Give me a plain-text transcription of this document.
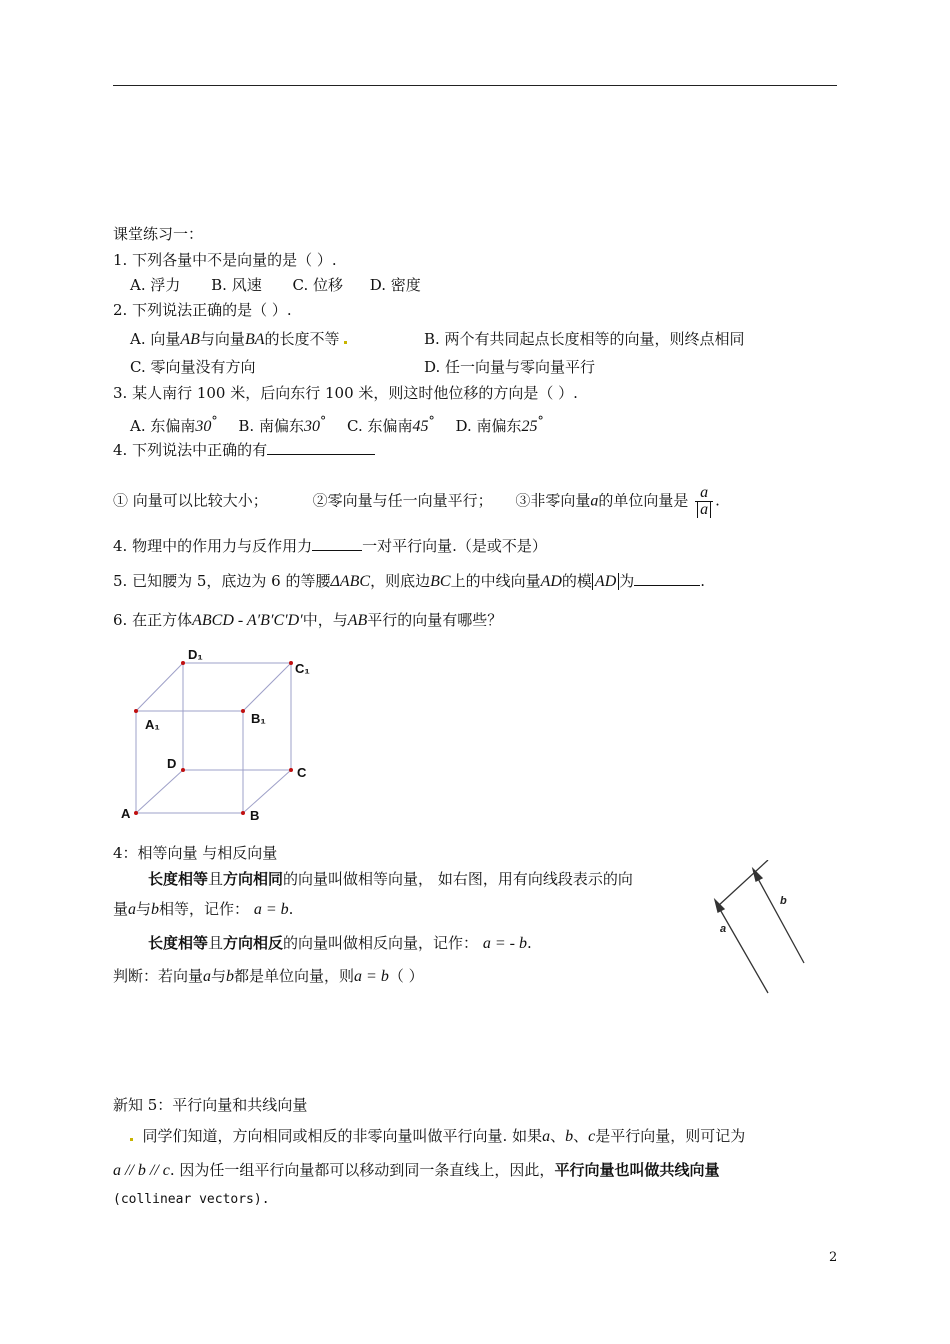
课堂练习一：
1. 下列各量中不是向量的是（ ）.
A. 浮力 B. 风速 C. 位移 D. 密度
2. 下列说法正确的是（ ）.
A. 向量AB与向量BA的长度不等	B. 两个有共同起点长度相等的向量，则终点相同
C. 零向量没有方向	D. 任一向量与零向量平行
3. 某人南行 100 米，后向东行 100 米，则这时他位移的方向是（ ）.
A. 东偏南30° B. 南偏东30° C. 东偏南45° D. 南偏东25°
4. 下列说法中正确的有
① 向量可以比较大小；	②零向量与任一向量平行； ③非零向量a的单位向量是 $\frac{a}{a}$ .
4. 物理中的作用力与反作用力	一对平行向量.（是或不是）
5. 已知腰为 5，底边为 6 的等腰ΔABC，则底边BC上的中线向量AD的模 AD 为	.
6. 在正方体ABCD - A′B′C′D′中，与AB平行的向量有哪些？
D₁
C₁
A₁	B₁
D
C
A	B
4：相等向量 与相反向量
长度相等且方向相同的向量叫做相等向量， 如右图，用有向线段表示的向
量a与b相等，记作： a = b.
长度相等且方向相反的向量叫做相反向量，记作： a = - b.
判断：若向量a与b都是单位向量，则a = b（ ）
a
b
新知 5：平行向量和共线向量
同学们知道，方向相同或相反的非零向量叫做平行向量. 如果a、b、c是平行向量，则可记为
a // b // c. 因为任一组平行向量都可以移动到同一条直线上，因此，平行向量也叫做共线向量
(collinear vectors).
2
